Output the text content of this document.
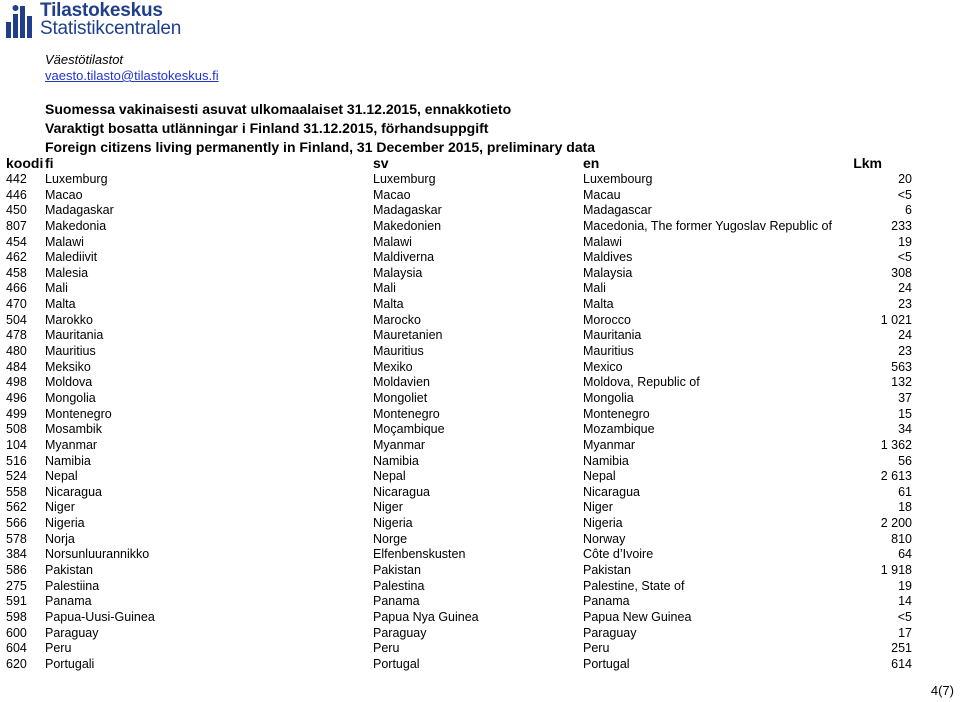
Tilastokeskus
Statistikcentralen
Väestötilastot
vaesto.tilasto@tilastokeskus.fi
Suomessa vakinaisesti asuvat ulkomaalaiset 31.12.2015, ennakkotieto
Varaktigt bosatta utlänningar i Finland 31.12.2015, förhandsuppgift
Foreign citizens living permanently in Finland, 31 December 2015, preliminary data
koodi fi	sv	en	Lkm
442 Luxemburg	Luxemburg	Luxembourg	20
446 Macao	Macao	Macau	<5
450 Madagaskar	Madagaskar	Madagascar	6
807 Makedonia	Makedonien	Macedonia, The former Yugoslav Republic of	233
454 Malawi	Malawi	Malawi	19
462 Malediivit	Maldiverna	Maldives	<5
458 Malesia	Malaysia	Malaysia	308
466 Mali	Mali	Mali	24
470 Malta	Malta	Malta	23
504 Marokko	Marocko	Morocco	1 021
478 Mauritania	Mauretanien	Mauritania	24
480 Mauritius	Mauritius	Mauritius	23
484 Meksiko	Mexiko	Mexico	563
498 Moldova	Moldavien	Moldova, Republic of	132
496 Mongolia	Mongoliet	Mongolia	37
499 Montenegro	Montenegro	Montenegro	15
508 Mosambik	Moçambique	Mozambique	34
104 Myanmar	Myanmar	Myanmar	1 362
516 Namibia	Namibia	Namibia	56
524 Nepal	Nepal	Nepal	2 613
558 Nicaragua	Nicaragua	Nicaragua	61
562 Niger	Niger	Niger	18
566 Nigeria	Nigeria	Nigeria	2 200
578 Norja	Norge	Norway	810
384 Norsunluurannikko	Elfenbenskusten	Côte d’Ivoire	64
586 Pakistan	Pakistan	Pakistan	1 918
275 Palestiina	Palestina	Palestine, State of	19
591 Panama	Panama	Panama	14
598 Papua-Uusi-Guinea	Papua Nya Guinea	Papua New Guinea	<5
600 Paraguay	Paraguay	Paraguay	17
604 Peru	Peru	Peru	251
620 Portugali	Portugal	Portugal	614
4(7)
